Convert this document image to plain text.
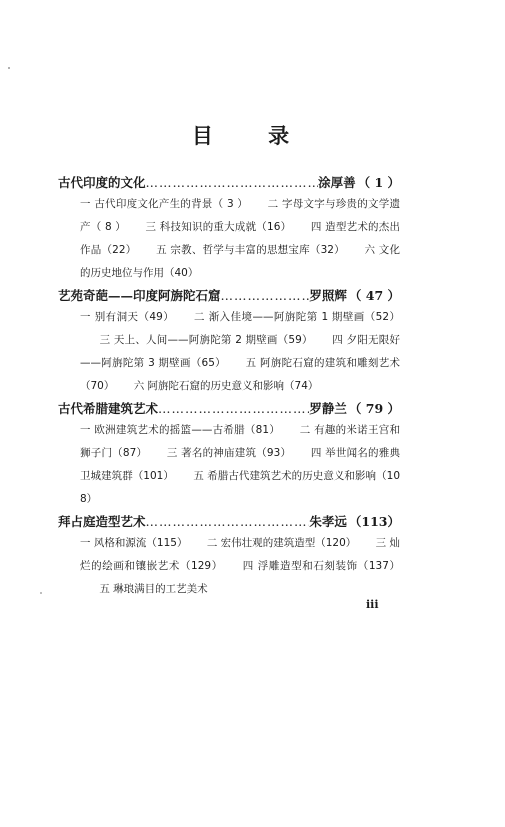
目 录
古代印度的文化 …………………………………………………………………………………………	涂厚善 （ 1 ）
一 古代印度文化产生的背景（ 3 ） 二 字母文字与珍贵的文学遗产（ 8 ） 三 科技知识的重大成就（16） 四 造型艺术的杰出作品（22） 五 宗教、哲学与丰富的思想宝库（32） 六 文化的历史地位与作用（40）
艺苑奇葩——印度阿旃陀石窟 …………………………………………………………………………………………	罗照辉 （ 47 ）
一 别有洞天（49） 二 渐入佳境——阿旃陀第 1 期壁画（52） 三 天上、人间——阿旃陀第 2 期壁画（59） 四 夕阳无限好——阿旃陀第 3 期壁画（65） 五 阿旃陀石窟的建筑和雕刻艺术（70） 六 阿旃陀石窟的历史意义和影响（74）
古代希腊建筑艺术 …………………………………………………………………………………………	罗静兰 （ 79 ）
一 欧洲建筑艺术的摇篮——古希腊（81） 二 有趣的米诺王宫和狮子门（87） 三 著名的神庙建筑（93） 四 举世闻名的雅典卫城建筑群（101） 五 希腊古代建筑艺术的历史意义和影响（108）
拜占庭造型艺术 …………………………………………………………………………………………	朱孝远 （113）
一 风格和源流（115） 二 宏伟壮观的建筑造型（120） 三 灿烂的绘画和镶嵌艺术（129） 四 浮雕造型和石刻装饰（137） 五 琳琅满目的工艺美术
iii
